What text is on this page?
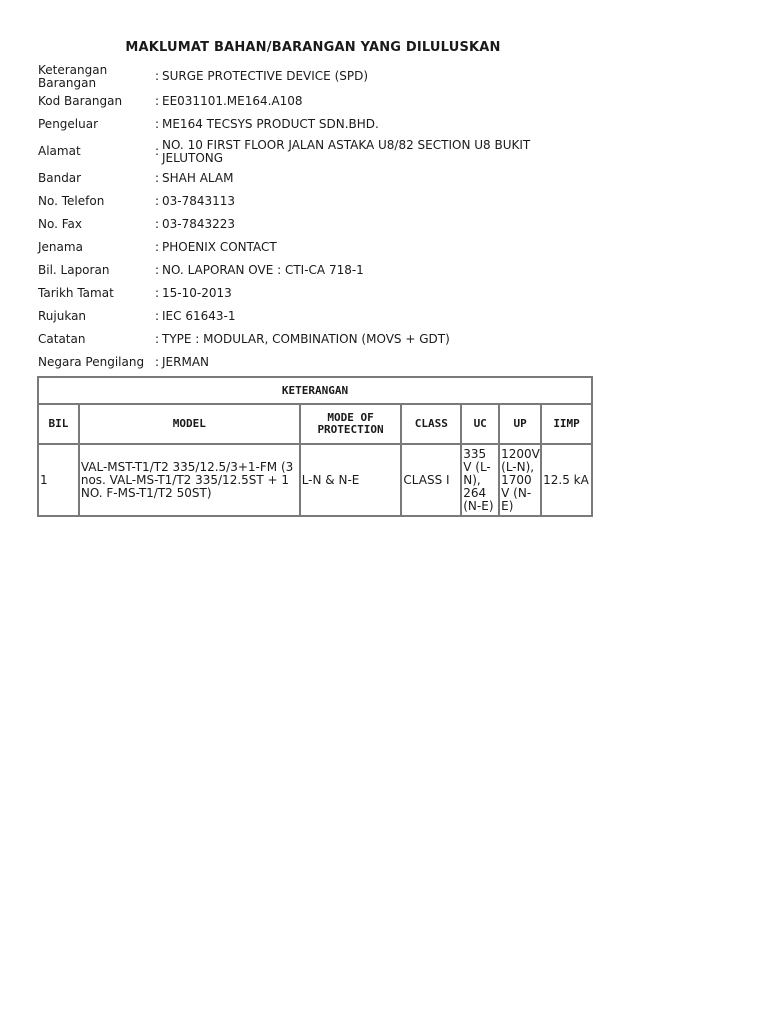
MAKLUMAT BAHAN/BARANGAN YANG DILULUSKAN
Keterangan Barangan	: SURGE PROTECTIVE DEVICE (SPD)
Kod Barangan	: EE031101.ME164.A108
Pengeluar	: ME164 TECSYS PRODUCT SDN.BHD.
Alamat	: NO. 10 FIRST FLOOR JALAN ASTAKA U8/82 SECTION U8 BUKIT JELUTONG
Bandar	: SHAH ALAM
No. Telefon	: 03-7843113
No. Fax	: 03-7843223
Jenama	: PHOENIX CONTACT
Bil. Laporan	: NO. LAPORAN OVE : CTI-CA 718-1
Tarikh Tamat	: 15-10-2013
Rujukan	: IEC 61643-1
Catatan	: TYPE : MODULAR, COMBINATION (MOVS + GDT)
Negara Pengilang : JERMAN
KETERANGAN						
BIL	MODEL	MODE OF PROTECTION	CLASS	UC	UP	IIMP
1	VAL-MST-T1/T2 335/12.5/3+1-FM (3 nos. VAL-MS-T1/T2 335/12.5ST + 1 NO. F-MS-T1/T2 50ST)	L-N & N-E	CLASS I	335 V (L-N), 264 (N-E)	1200V (L-N), 1700 V (N-E)	12.5 kA
